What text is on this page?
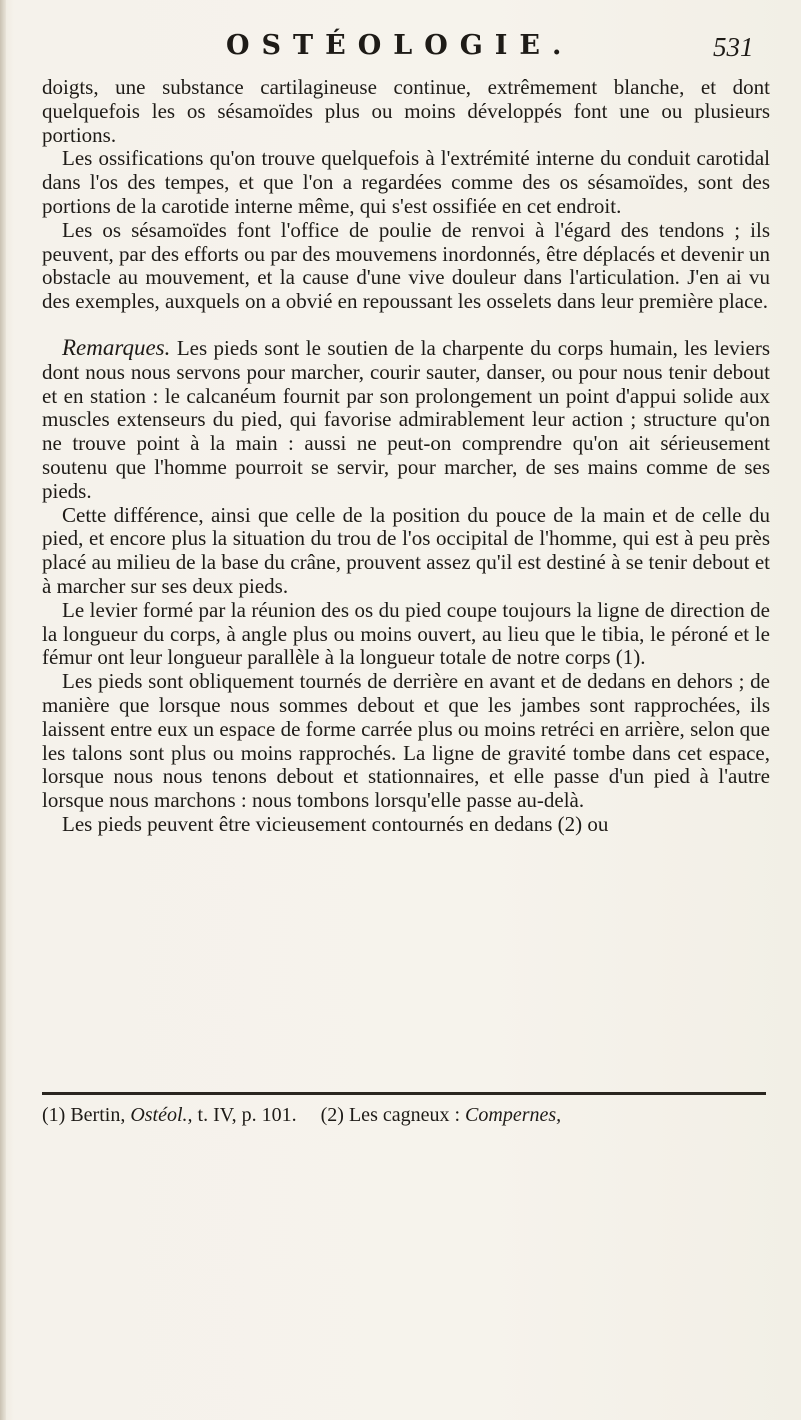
OSTÉOLOGIE.	531

doigts, une substance cartilagineuse continue, extrêmement blanche, et dont quelquefois les os sésamoïdes plus ou moins développés font une ou plusieurs portions.

Les ossifications qu'on trouve quelquefois à l'extrémité interne du conduit carotidal dans l'os des tempes, et que l'on a regardées comme des os sésamoïdes, sont des portions de la carotide interne même, qui s'est ossifiée en cet endroit.

Les os sésamoïdes font l'office de poulie de renvoi à l'égard des tendons ; ils peuvent, par des efforts ou par des mouvemens inordonnés, être déplacés et devenir un obstacle au mouvement, et la cause d'une vive douleur dans l'articulation. J'en ai vu des exemples, auxquels on a obvié en repoussant les osselets dans leur première place.

Remarques. Les pieds sont le soutien de la charpente du corps humain, les leviers dont nous nous servons pour marcher, courir sauter, danser, ou pour nous tenir debout et en station : le calcanéum fournit par son prolongement un point d'appui solide aux muscles extenseurs du pied, qui favorise admirablement leur action ; structure qu'on ne trouve point à la main : aussi ne peut-on comprendre qu'on ait sérieusement soutenu que l'homme pourroit se servir, pour marcher, de ses mains comme de ses pieds.

Cette différence, ainsi que celle de la position du pouce de la main et de celle du pied, et encore plus la situation du trou de l'os occipital de l'homme, qui est à peu près placé au milieu de la base du crâne, prouvent assez qu'il est destiné à se tenir debout et à marcher sur ses deux pieds.

Le levier formé par la réunion des os du pied coupe toujours la ligne de direction de la longueur du corps, à angle plus ou moins ouvert, au lieu que le tibia, le péroné et le fémur ont leur longueur parallèle à la longueur totale de notre corps (1).

Les pieds sont obliquement tournés de derrière en avant et de dedans en dehors ; de manière que lorsque nous sommes debout et que les jambes sont rapprochées, ils laissent entre eux un espace de forme carrée plus ou moins retréci en arrière, selon que les talons sont plus ou moins rapprochés. La ligne de gravité tombe dans cet espace, lorsque nous nous tenons debout et stationnaires, et elle passe d'un pied à l'autre lorsque nous marchons : nous tombons lorsqu'elle passe au-delà.

Les pieds peuvent être vicieusement contournés en dedans (2) ou

(1) Bertin, Ostéol., t. IV, p. 101. (2) Les cagneux : Compernes,
